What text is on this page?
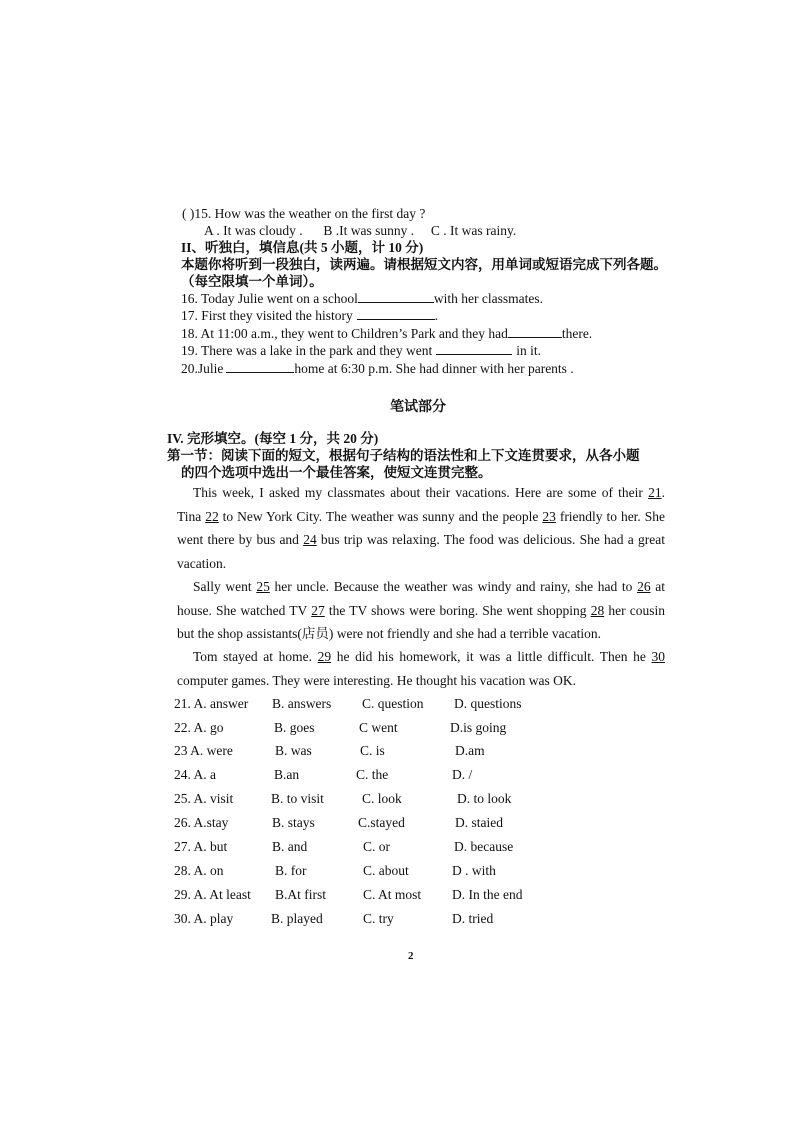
( )15. How was the weather on the first day ?
A . It was cloudy . B .It was sunny . C . It was rainy.
II、听独白，填信息(共 5 小题，计 10 分)
本题你将听到一段独白，读两遍。请根据短文内容，用单词或短语完成下列各题。
（每空限填一个单词）。
16. Today Julie went on a school	with her classmates.
17. First they visited the history	.
18. At 11:00 a.m., they went to Children’s Park and they had	there.
19. There was a lake in the park and they went	in it.
20.Julie	home at 6:30 p.m. She had dinner with her parents .
笔试部分
IV. 完形填空。(每空 1 分，共 20 分)
第一节：阅读下面的短文，根据句子结构的语法性和上下文连贯要求，从各小题
的四个选项中选出一个最佳答案，使短文连贯完整。
This week, I asked my classmates about their vacations. Here are some of their 21. Tina 22 to New York City. The weather was sunny and the people 23 friendly to her. She went there by bus and 24 bus trip was relaxing. The food was delicious. She had a great vacation.
Sally went 25 her uncle. Because the weather was windy and rainy, she had to 26 at house. She watched TV 27 the TV shows were boring. She went shopping 28 her cousin but the shop assistants(店员) were not friendly and she had a terrible vacation.
Tom stayed at home. 29 he did his homework, it was a little difficult. Then he 30 computer games. They were interesting. He thought his vacation was OK.
21. A. answer B. answers C. question D. questions
22. A. go	B. goes	C went	D.is going
23 A. were	B. was	C. is	D.am
24. A. a	B.an	C. the	D. /
25. A. visit	B. to visit	C. look	D. to look
26. A.stay	B. stays	C.stayed	D. staied
27. A. but	B. and	C. or	D. because
28. A. on	B. for	C. about	D . with
29. A. At least B.At first	C. At most D. In the end
30. A. play	B. played	C. try	D. tried
2
